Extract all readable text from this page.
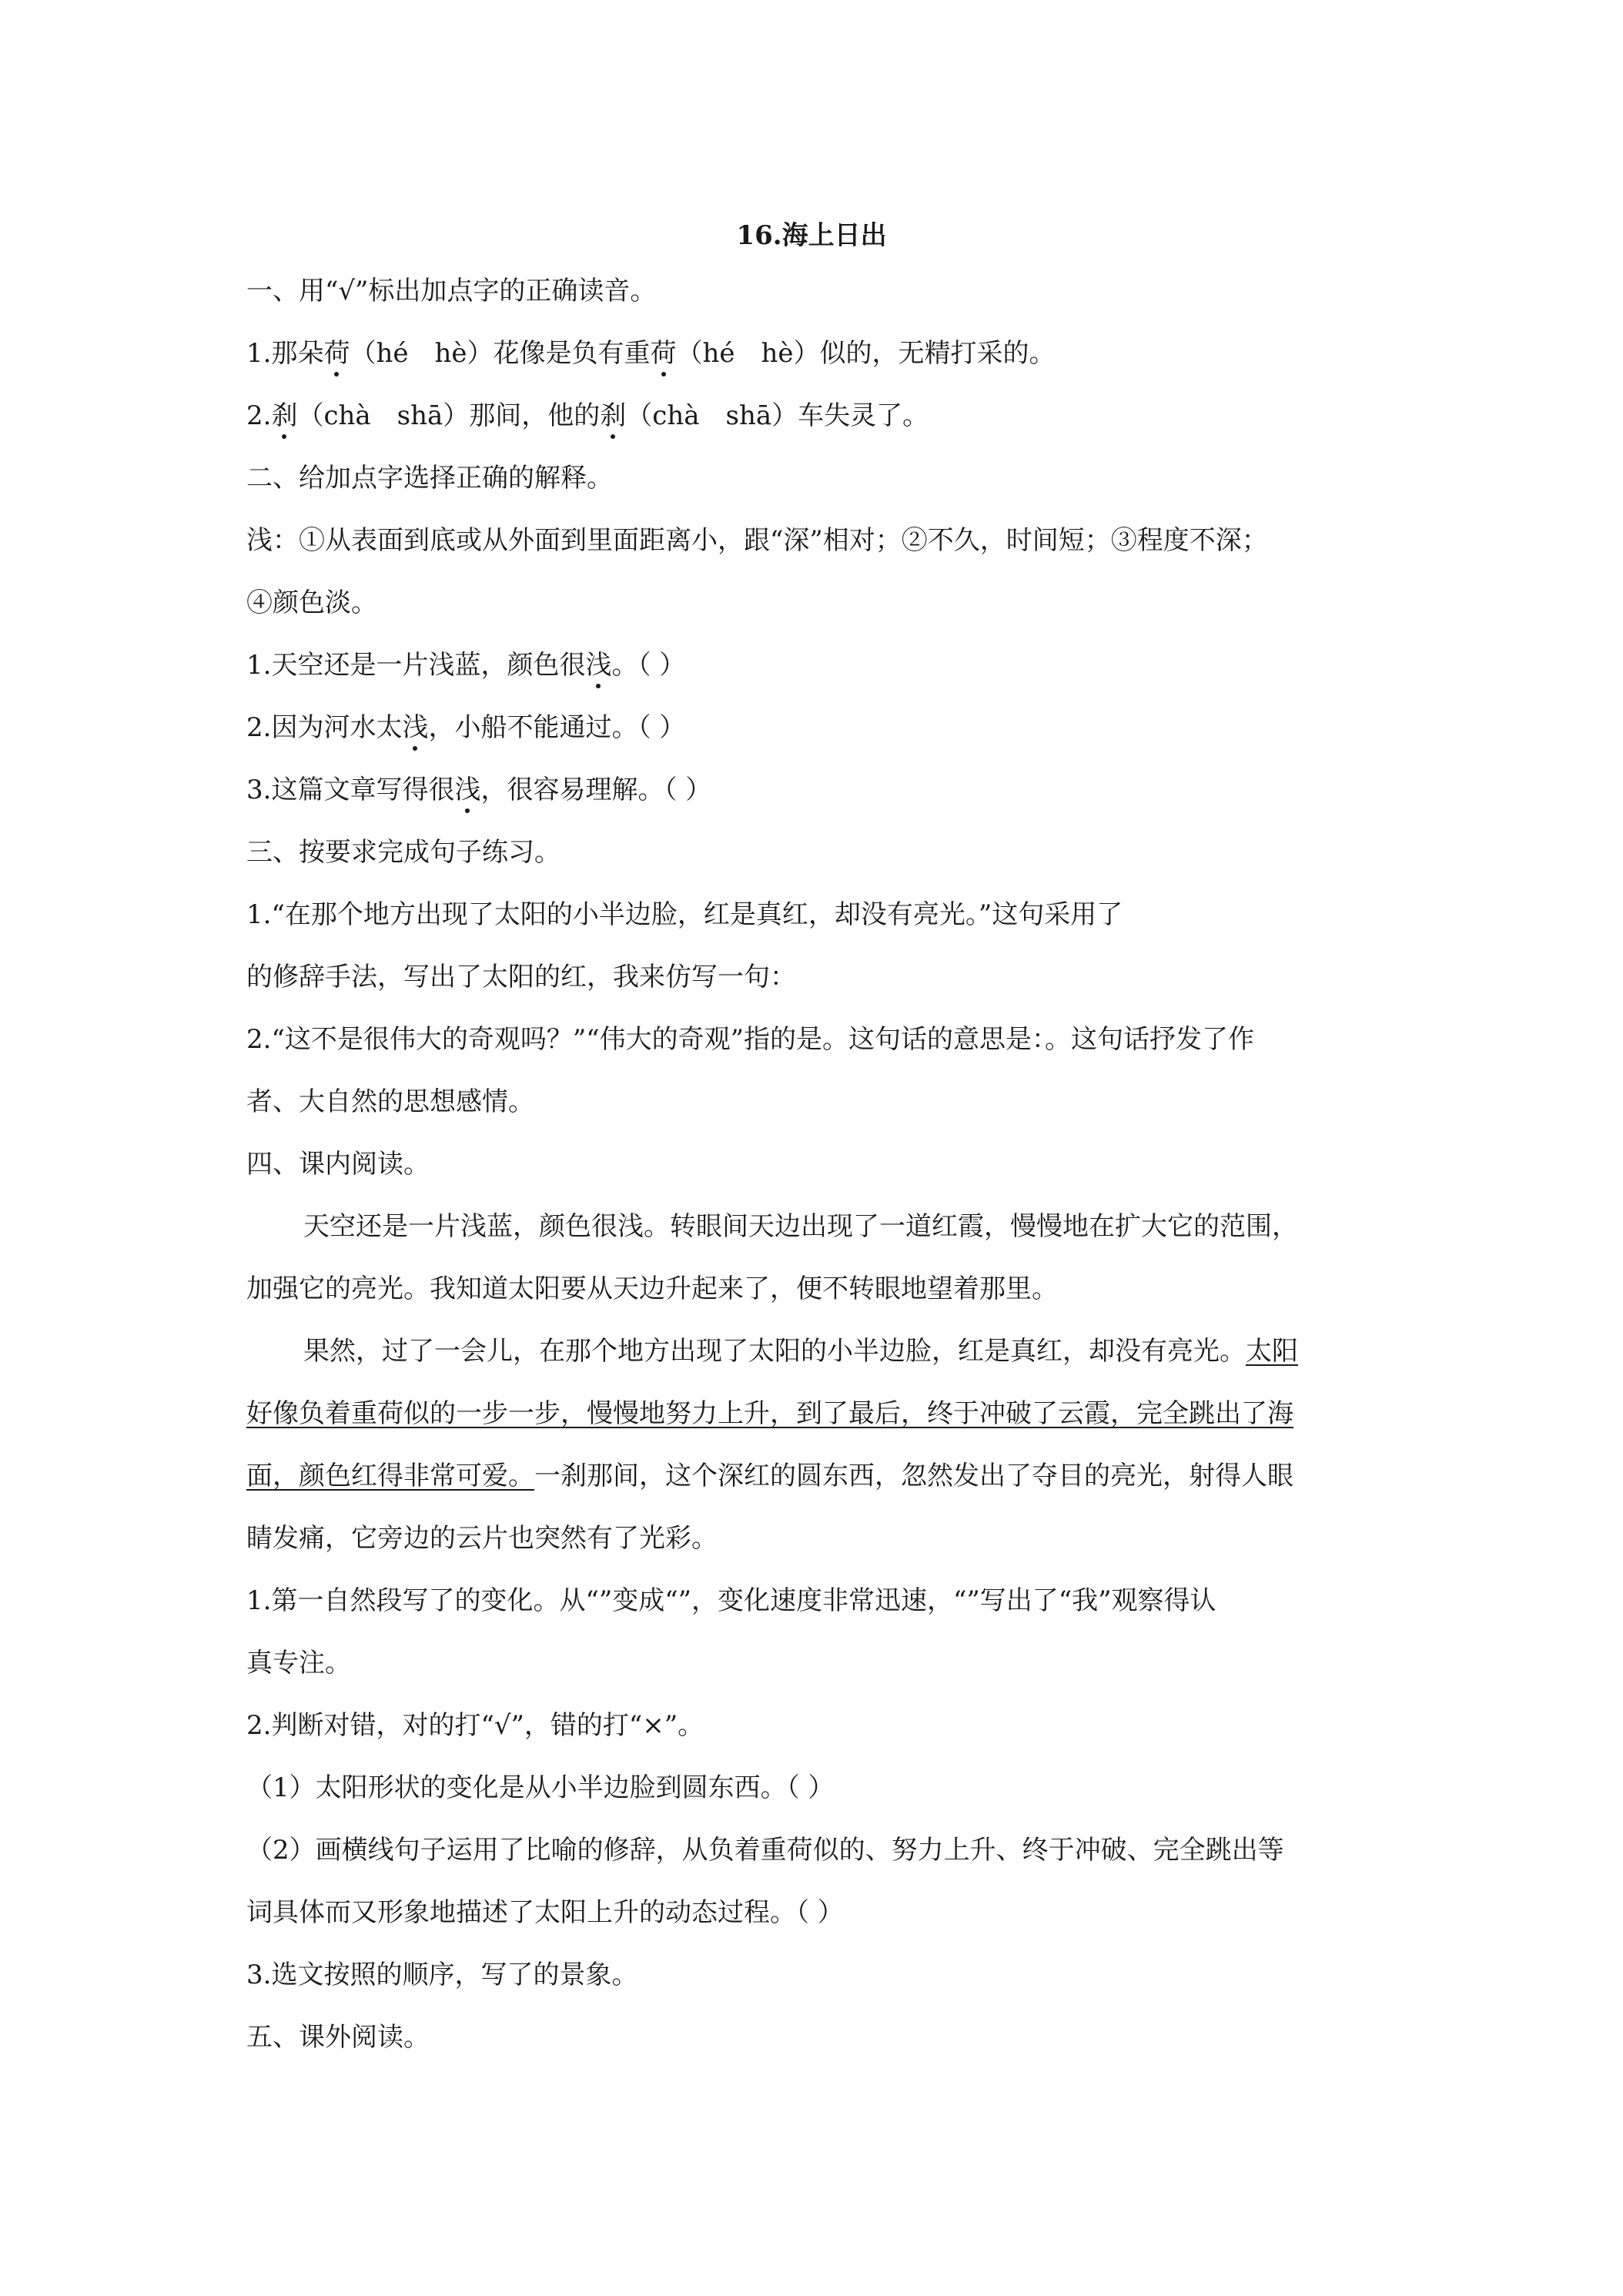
16.海上日出
一、用“√”标出加点字的正确读音。
1.那朵荷（hé　hè）花像是负有重荷（hé　hè）似的，无精打采的。
2.刹（chà　shā）那间，他的刹（chà　shā）车失灵了。
二、给加点字选择正确的解释。
浅：①从表面到底或从外面到里面距离小，跟“深”相对；②不久，时间短；③程度不深；
④颜色淡。
1.天空还是一片浅蓝，颜色很浅。（ ）
2.因为河水太浅，小船不能通过。（ ）
3.这篇文章写得很浅，很容易理解。（ ）
三、按要求完成句子练习。
1.“在那个地方出现了太阳的小半边脸，红是真红，却没有亮光。”这句采用了
的修辞手法，写出了太阳的红，我来仿写一句：
2.“这不是很伟大的奇观吗？”“伟大的奇观”指的是。这句话的意思是：。这句话抒发了作
者、大自然的思想感情。
四、课内阅读。
天空还是一片浅蓝，颜色很浅。转眼间天边出现了一道红霞，慢慢地在扩大它的范围，
加强它的亮光。我知道太阳要从天边升起来了，便不转眼地望着那里。
果然，过了一会儿，在那个地方出现了太阳的小半边脸，红是真红，却没有亮光。太阳
好像负着重荷似的一步一步，慢慢地努力上升，到了最后，终于冲破了云霞，完全跳出了海
面，颜色红得非常可爱。一刹那间，这个深红的圆东西，忽然发出了夺目的亮光，射得人眼
睛发痛，它旁边的云片也突然有了光彩。
1.第一自然段写了的变化。从“”变成“”，变化速度非常迅速，“”写出了“我”观察得认
真专注。
2.判断对错，对的打“√”，错的打“×”。
（1）太阳形状的变化是从小半边脸到圆东西。（ ）
（2）画横线句子运用了比喻的修辞，从负着重荷似的、努力上升、终于冲破、完全跳出等
词具体而又形象地描述了太阳上升的动态过程。（ ）
3.选文按照的顺序，写了的景象。
五、课外阅读。
